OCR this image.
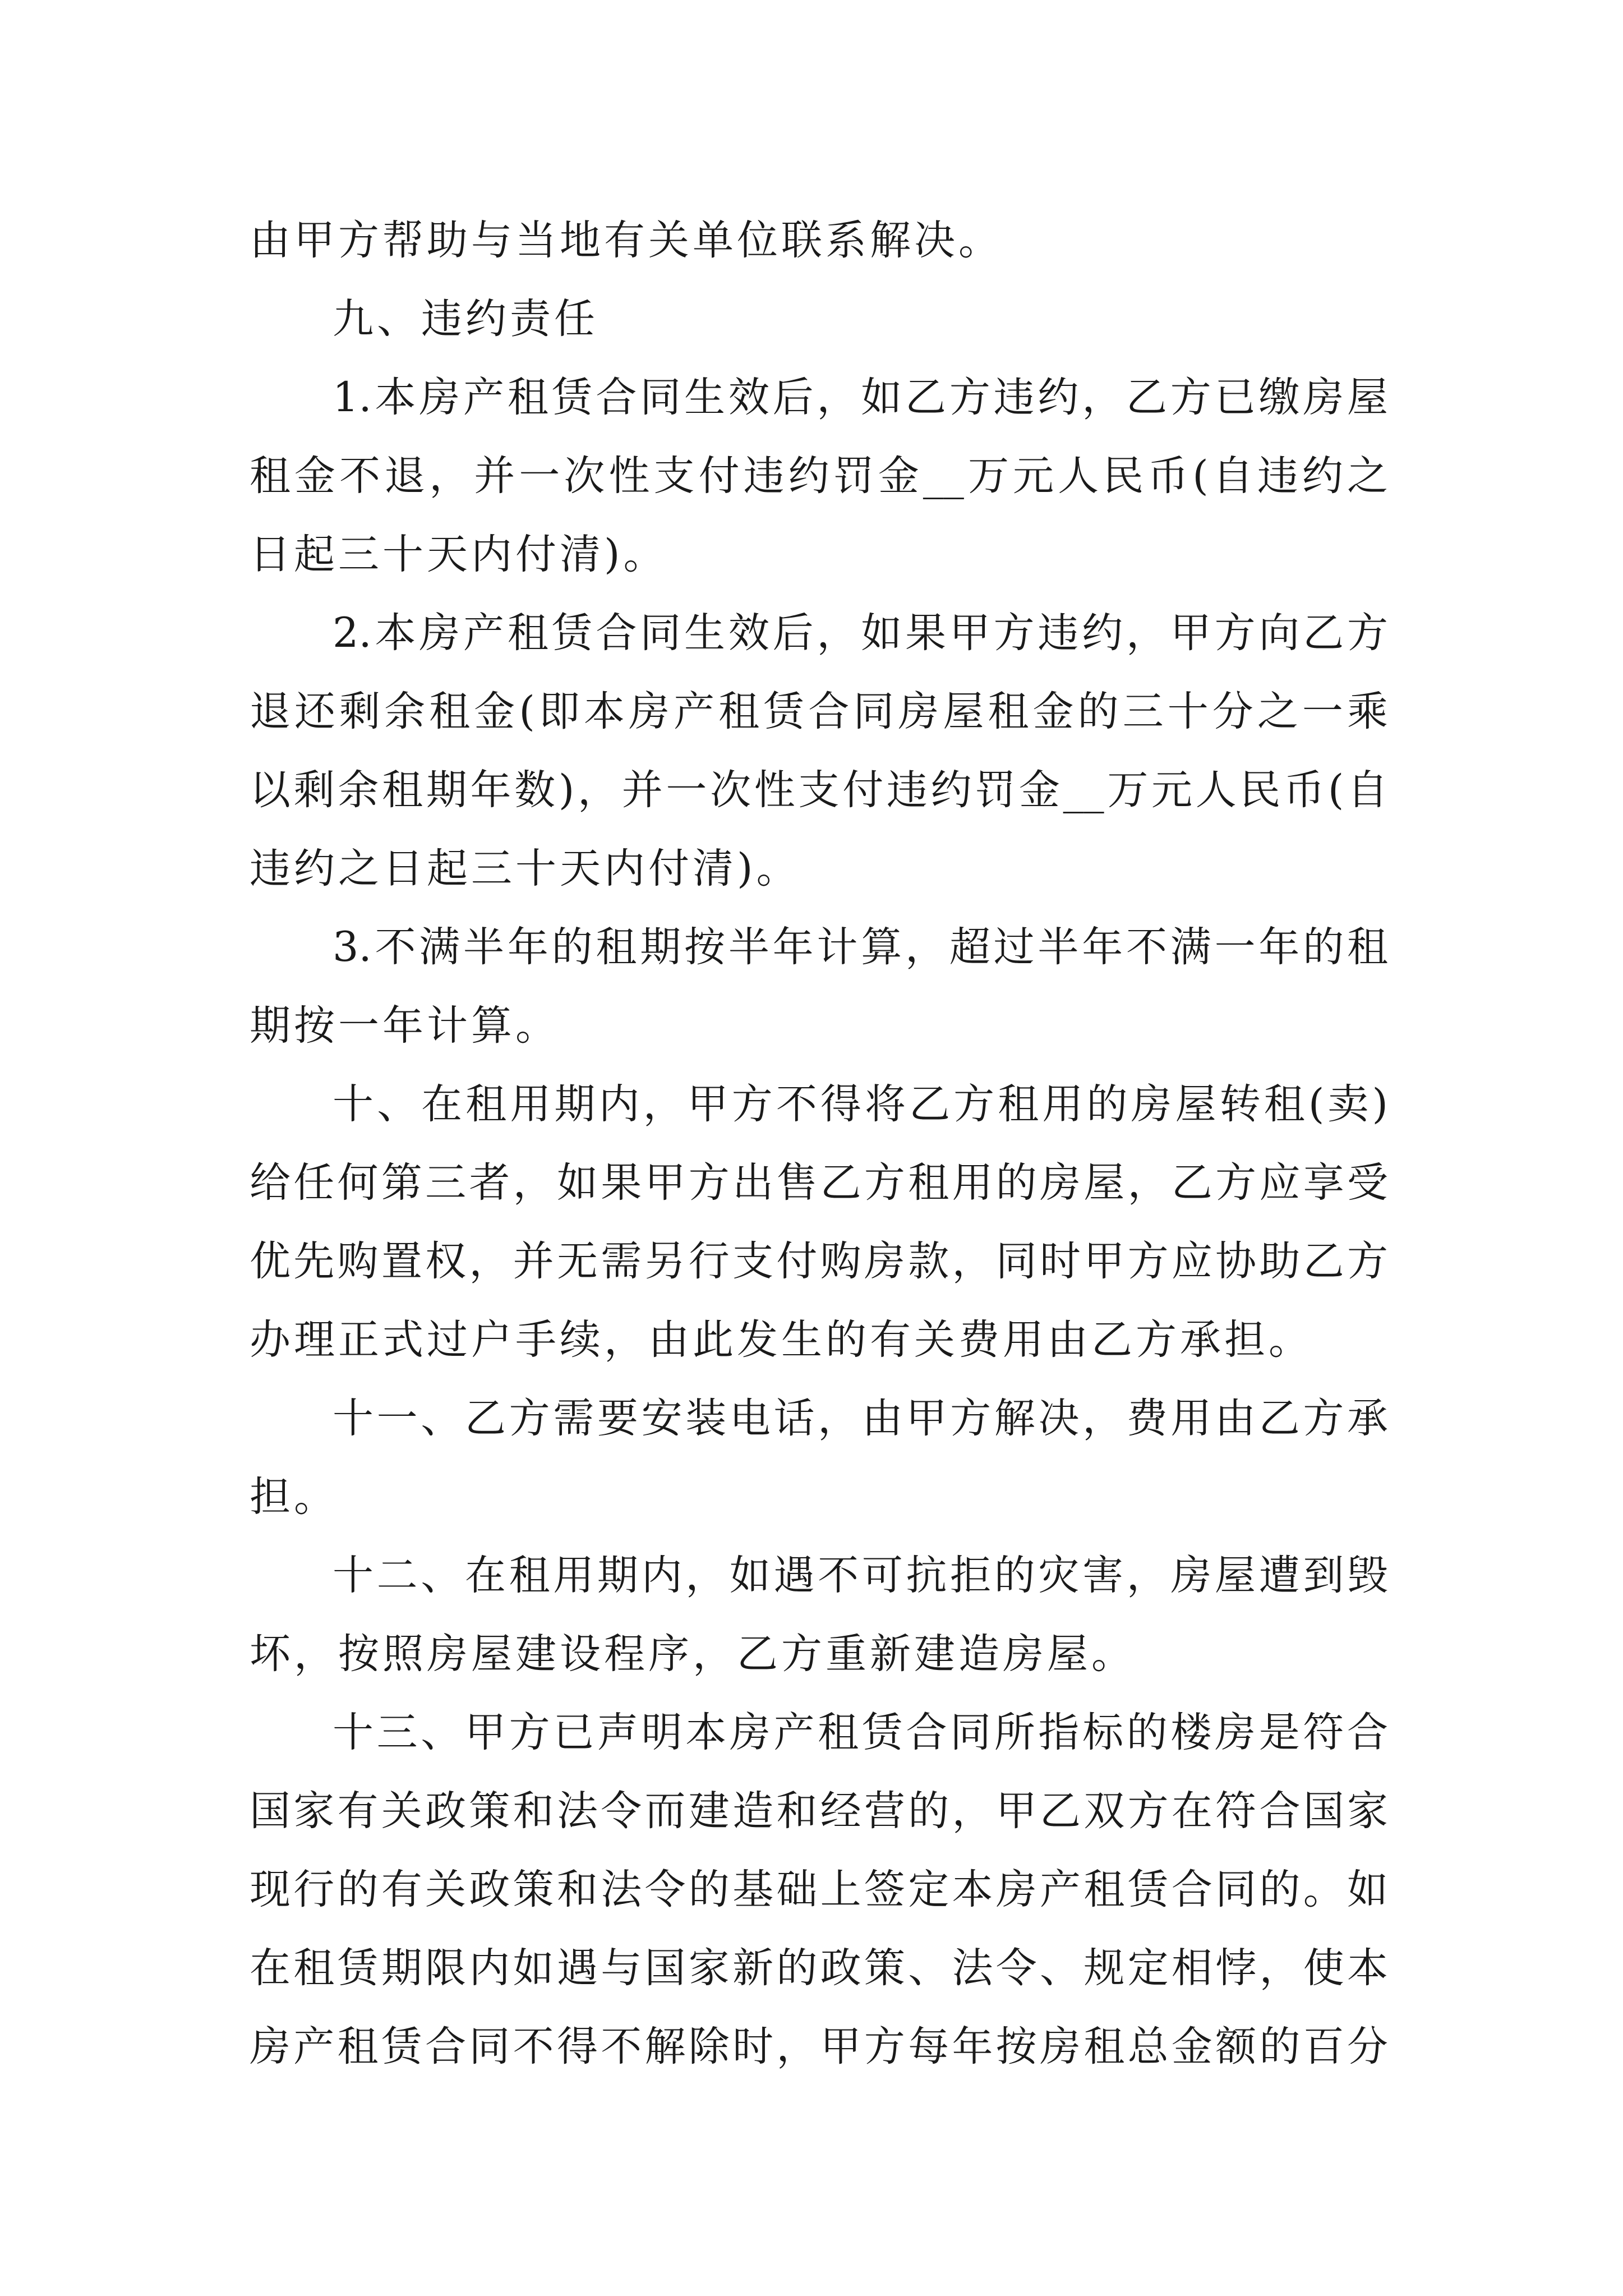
由甲方帮助与当地有关单位联系解决。
九、违约责任
1.本房产租赁合同生效后，如乙方违约，乙方已缴房屋
租金不退，并一次性支付违约罚金__万元人民币(自违约之
日起三十天内付清)。
2.本房产租赁合同生效后，如果甲方违约，甲方向乙方
退还剩余租金(即本房产租赁合同房屋租金的三十分之一乘
以剩余租期年数)，并一次性支付违约罚金__万元人民币(自
违约之日起三十天内付清)。
3.不满半年的租期按半年计算，超过半年不满一年的租
期按一年计算。
十、在租用期内，甲方不得将乙方租用的房屋转租(卖)
给任何第三者，如果甲方出售乙方租用的房屋，乙方应享受
优先购置权，并无需另行支付购房款，同时甲方应协助乙方
办理正式过户手续，由此发生的有关费用由乙方承担。
十一、乙方需要安装电话，由甲方解决，费用由乙方承
担。
十二、在租用期内，如遇不可抗拒的灾害，房屋遭到毁
坏，按照房屋建设程序，乙方重新建造房屋。
十三、甲方已声明本房产租赁合同所指标的楼房是符合
国家有关政策和法令而建造和经营的，甲乙双方在符合国家
现行的有关政策和法令的基础上签定本房产租赁合同的。如
在租赁期限内如遇与国家新的政策、法令、规定相悖，使本
房产租赁合同不得不解除时，甲方每年按房租总金额的百分
